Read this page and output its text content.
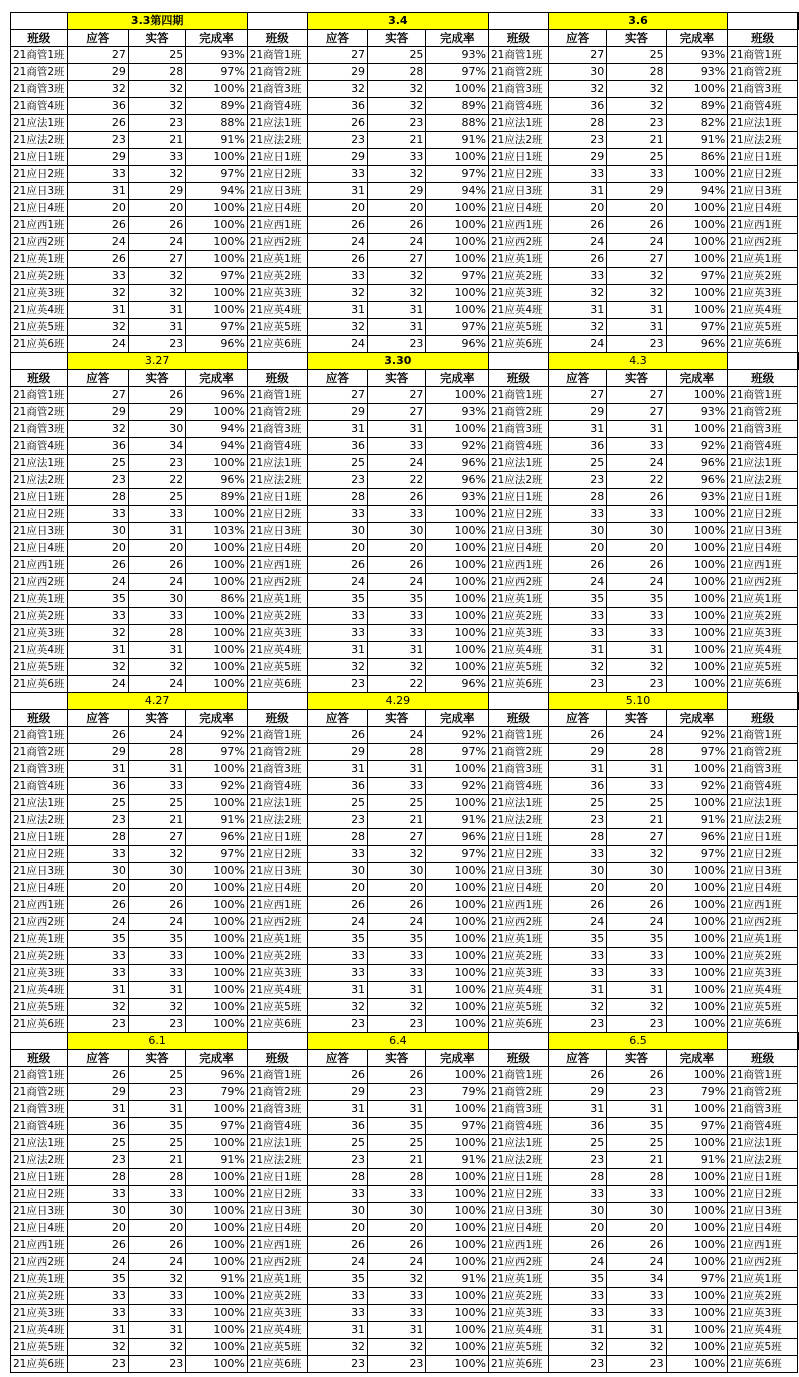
	3.3第四期				3.4				3.6				
班级	应答	实答	完成率	班级	应答	实答	完成率	班级	应答	实答	完成率	班级	
21商管1班	27	25	93%	21商管1班	27	25	93%	21商管1班	27	25	93%	21商管1班	
21商管2班	29	28	97%	21商管2班	29	28	97%	21商管2班	30	28	93%	21商管2班	
21商管3班	32	32	100%	21商管3班	32	32	100%	21商管3班	32	32	100%	21商管3班	
21商管4班	36	32	89%	21商管4班	36	32	89%	21商管4班	36	32	89%	21商管4班	
21应法1班	26	23	88%	21应法1班	26	23	88%	21应法1班	28	23	82%	21应法1班	
21应法2班	23	21	91%	21应法2班	23	21	91%	21应法2班	23	21	91%	21应法2班	
21应日1班	29	33	100%	21应日1班	29	33	100%	21应日1班	29	25	86%	21应日1班	
21应日2班	33	32	97%	21应日2班	33	32	97%	21应日2班	33	33	100%	21应日2班	
21应日3班	31	29	94%	21应日3班	31	29	94%	21应日3班	31	29	94%	21应日3班	
21应日4班	20	20	100%	21应日4班	20	20	100%	21应日4班	20	20	100%	21应日4班	
21应西1班	26	26	100%	21应西1班	26	26	100%	21应西1班	26	26	100%	21应西1班	
21应西2班	24	24	100%	21应西2班	24	24	100%	21应西2班	24	24	100%	21应西2班	
21应英1班	26	27	100%	21应英1班	26	27	100%	21应英1班	26	27	100%	21应英1班	
21应英2班	33	32	97%	21应英2班	33	32	97%	21应英2班	33	32	97%	21应英2班	
21应英3班	32	32	100%	21应英3班	32	32	100%	21应英3班	32	32	100%	21应英3班	
21应英4班	31	31	100%	21应英4班	31	31	100%	21应英4班	31	31	100%	21应英4班	
21应英5班	32	31	97%	21应英5班	32	31	97%	21应英5班	32	31	97%	21应英5班	
21应英6班	24	23	96%	21应英6班	24	23	96%	21应英6班	24	23	96%	21应英6班	
	3.27				3.30				4.3				
班级	应答	实答	完成率	班级	应答	实答	完成率	班级	应答	实答	完成率	班级	
21商管1班	27	26	96%	21商管1班	27	27	100%	21商管1班	27	27	100%	21商管1班	
21商管2班	29	29	100%	21商管2班	29	27	93%	21商管2班	29	27	93%	21商管2班	
21商管3班	32	30	94%	21商管3班	31	31	100%	21商管3班	31	31	100%	21商管3班	
21商管4班	36	34	94%	21商管4班	36	33	92%	21商管4班	36	33	92%	21商管4班	
21应法1班	25	23	100%	21应法1班	25	24	96%	21应法1班	25	24	96%	21应法1班	
21应法2班	23	22	96%	21应法2班	23	22	96%	21应法2班	23	22	96%	21应法2班	
21应日1班	28	25	89%	21应日1班	28	26	93%	21应日1班	28	26	93%	21应日1班	
21应日2班	33	33	100%	21应日2班	33	33	100%	21应日2班	33	33	100%	21应日2班	
21应日3班	30	31	103%	21应日3班	30	30	100%	21应日3班	30	30	100%	21应日3班	
21应日4班	20	20	100%	21应日4班	20	20	100%	21应日4班	20	20	100%	21应日4班	
21应西1班	26	26	100%	21应西1班	26	26	100%	21应西1班	26	26	100%	21应西1班	
21应西2班	24	24	100%	21应西2班	24	24	100%	21应西2班	24	24	100%	21应西2班	
21应英1班	35	30	86%	21应英1班	35	35	100%	21应英1班	35	35	100%	21应英1班	
21应英2班	33	33	100%	21应英2班	33	33	100%	21应英2班	33	33	100%	21应英2班	
21应英3班	32	28	100%	21应英3班	33	33	100%	21应英3班	33	33	100%	21应英3班	
21应英4班	31	31	100%	21应英4班	31	31	100%	21应英4班	31	31	100%	21应英4班	
21应英5班	32	32	100%	21应英5班	32	32	100%	21应英5班	32	32	100%	21应英5班	
21应英6班	24	24	100%	21应英6班	23	22	96%	21应英6班	23	23	100%	21应英6班	
	4.27				4.29				5.10				
班级	应答	实答	完成率	班级	应答	实答	完成率	班级	应答	实答	完成率	班级	
21商管1班	26	24	92%	21商管1班	26	24	92%	21商管1班	26	24	92%	21商管1班	
21商管2班	29	28	97%	21商管2班	29	28	97%	21商管2班	29	28	97%	21商管2班	
21商管3班	31	31	100%	21商管3班	31	31	100%	21商管3班	31	31	100%	21商管3班	
21商管4班	36	33	92%	21商管4班	36	33	92%	21商管4班	36	33	92%	21商管4班	
21应法1班	25	25	100%	21应法1班	25	25	100%	21应法1班	25	25	100%	21应法1班	
21应法2班	23	21	91%	21应法2班	23	21	91%	21应法2班	23	21	91%	21应法2班	
21应日1班	28	27	96%	21应日1班	28	27	96%	21应日1班	28	27	96%	21应日1班	
21应日2班	33	32	97%	21应日2班	33	32	97%	21应日2班	33	32	97%	21应日2班	
21应日3班	30	30	100%	21应日3班	30	30	100%	21应日3班	30	30	100%	21应日3班	
21应日4班	20	20	100%	21应日4班	20	20	100%	21应日4班	20	20	100%	21应日4班	
21应西1班	26	26	100%	21应西1班	26	26	100%	21应西1班	26	26	100%	21应西1班	
21应西2班	24	24	100%	21应西2班	24	24	100%	21应西2班	24	24	100%	21应西2班	
21应英1班	35	35	100%	21应英1班	35	35	100%	21应英1班	35	35	100%	21应英1班	
21应英2班	33	33	100%	21应英2班	33	33	100%	21应英2班	33	33	100%	21应英2班	
21应英3班	33	33	100%	21应英3班	33	33	100%	21应英3班	33	33	100%	21应英3班	
21应英4班	31	31	100%	21应英4班	31	31	100%	21应英4班	31	31	100%	21应英4班	
21应英5班	32	32	100%	21应英5班	32	32	100%	21应英5班	32	32	100%	21应英5班	
21应英6班	23	23	100%	21应英6班	23	23	100%	21应英6班	23	23	100%	21应英6班	
	6.1				6.4				6.5				
班级	应答	实答	完成率	班级	应答	实答	完成率	班级	应答	实答	完成率	班级	
21商管1班	26	25	96%	21商管1班	26	26	100%	21商管1班	26	26	100%	21商管1班	
21商管2班	29	23	79%	21商管2班	29	23	79%	21商管2班	29	23	79%	21商管2班	
21商管3班	31	31	100%	21商管3班	31	31	100%	21商管3班	31	31	100%	21商管3班	
21商管4班	36	35	97%	21商管4班	36	35	97%	21商管4班	36	35	97%	21商管4班	
21应法1班	25	25	100%	21应法1班	25	25	100%	21应法1班	25	25	100%	21应法1班	
21应法2班	23	21	91%	21应法2班	23	21	91%	21应法2班	23	21	91%	21应法2班	
21应日1班	28	28	100%	21应日1班	28	28	100%	21应日1班	28	28	100%	21应日1班	
21应日2班	33	33	100%	21应日2班	33	33	100%	21应日2班	33	33	100%	21应日2班	
21应日3班	30	30	100%	21应日3班	30	30	100%	21应日3班	30	30	100%	21应日3班	
21应日4班	20	20	100%	21应日4班	20	20	100%	21应日4班	20	20	100%	21应日4班	
21应西1班	26	26	100%	21应西1班	26	26	100%	21应西1班	26	26	100%	21应西1班	
21应西2班	24	24	100%	21应西2班	24	24	100%	21应西2班	24	24	100%	21应西2班	
21应英1班	35	32	91%	21应英1班	35	32	91%	21应英1班	35	34	97%	21应英1班	
21应英2班	33	33	100%	21应英2班	33	33	100%	21应英2班	33	33	100%	21应英2班	
21应英3班	33	33	100%	21应英3班	33	33	100%	21应英3班	33	33	100%	21应英3班	
21应英4班	31	31	100%	21应英4班	31	31	100%	21应英4班	31	31	100%	21应英4班	
21应英5班	32	32	100%	21应英5班	32	32	100%	21应英5班	32	32	100%	21应英5班	
21应英6班	23	23	100%	21应英6班	23	23	100%	21应英6班	23	23	100%	21应英6班	
